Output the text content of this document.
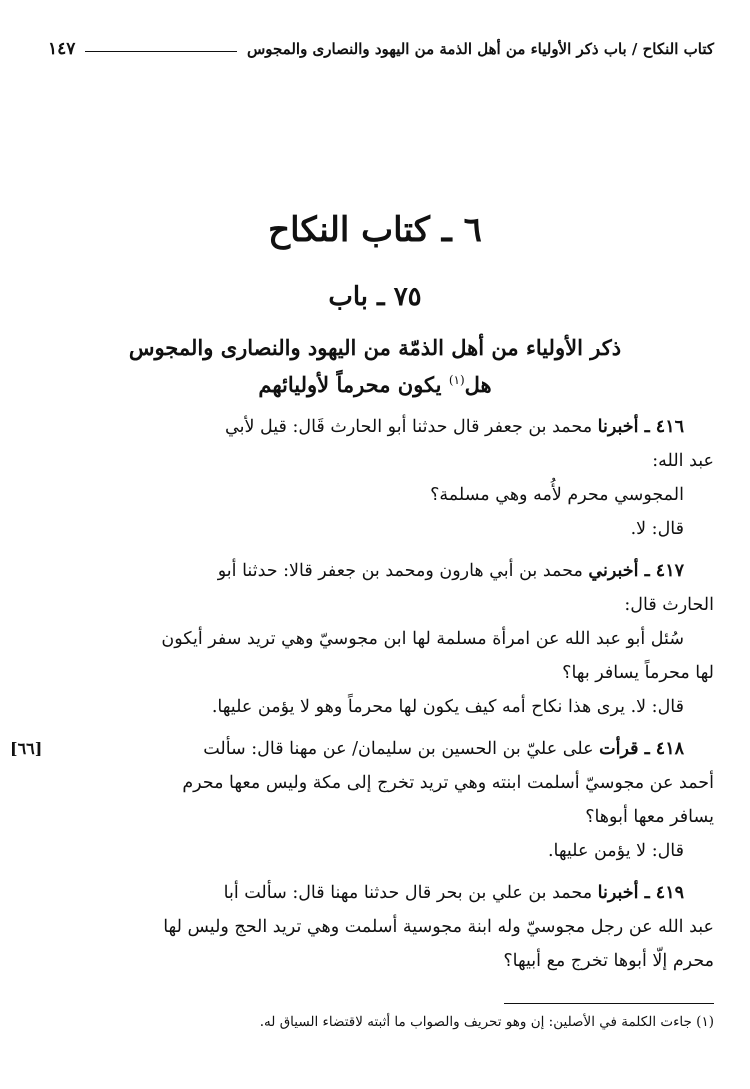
كتاب النكاح / باب ذكر الأولياء من أهل الذمة من اليهود والنصارى والمجوس
١٤٧
٦ ـ كتاب النكاح
٧٥ ـ باب
ذكر الأولياء من أهل الذمّة من اليهود والنصارى والمجوس
هل$^{(١)}$ يكون محرماً لأوليائهم
٤١٦ ـ أخبرنا محمد بن جعفر قال حدثنا أبو الحارث قَال: قيل لأبي
عبد الله:
المجوسي محرم لأُمه وهي مسلمة؟
قال: لا.
٤١٧ ـ أخبرني محمد بن أبي هارون ومحمد بن جعفر قالا: حدثنا أبو
الحارث قال:
سُئل أبو عبد الله عن امرأة مسلمة لها ابن مجوسيّ وهي تريد سفر أيكون
لها محرماً يسافر بها؟
قال: لا. يرى هذا نكاح أمه كيف يكون لها محرماً وهو لا يؤمن عليها.
٤١٨ ـ قرأت على عليّ بن الحسين بن سليمان/ عن مهنا قال: سألت
[٦٦]
أحمد عن مجوسيّ أسلمت ابنته وهي تريد تخرج إلى مكة وليس معها محرم
يسافر معها أبوها؟
قال: لا يؤمن عليها.
٤١٩ ـ أخبرنا محمد بن علي بن بحر قال حدثنا مهنا قال: سألت أبا
عبد الله عن رجل مجوسيّ وله ابنة مجوسية أسلمت وهي تريد الحج وليس لها
محرم إلّا أبوها تخرج مع أبيها؟
(١) جاءت الكلمة في الأصلين: إن وهو تحريف والصواب ما أثبته لاقتضاء السياق له.
